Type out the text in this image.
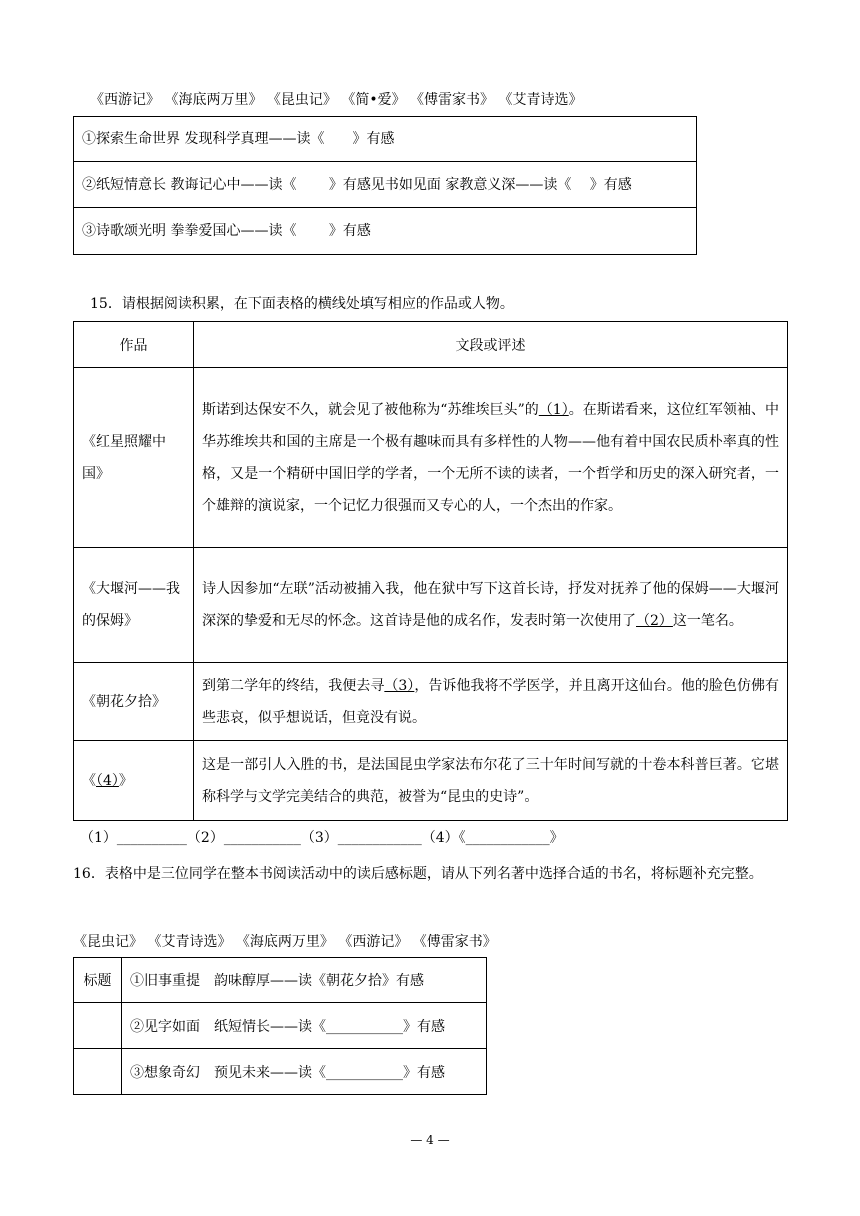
《西游记》 《海底两万里》 《昆虫记》 《简•爱》 《傅雷家书》 《艾青诗选》
①探索生命世界 发现科学真理——读《　　》有感
②纸短情意长 教诲记心中——读《　　 》有感见书如见面 家教意义深——读《　 》有感
③诗歌颂光明 拳拳爱国心——读《　　 》有感
15．请根据阅读积累，在下面表格的横线处填写相应的作品或人物。
作品	文段或评述
《红星照耀中国》	斯诺到达保安不久，就会见了被他称为“苏维埃巨头”的（1）。在斯诺看来，这位红军领袖、中华苏维埃共和国的主席是一个极有趣味而具有多样性的人物——他有着中国农民质朴率真的性格，又是一个精研中国旧学的学者，一个无所不读的读者，一个哲学和历史的深入研究者，一个雄辩的演说家，一个记忆力很强而又专心的人，一个杰出的作家。
《大堰河——我的保姆》	诗人因参加“左联”活动被捕入我，他在狱中写下这首长诗，抒发对抚养了他的保姆——大堰河深深的挚爱和无尽的怀念。这首诗是他的成名作，发表时第一次使用了（2）这一笔名。
《朝花夕拾》	到第二学年的终结，我便去寻（3），告诉他我将不学医学，并且离开这仙台。他的脸色仿佛有些悲哀，似乎想说话，但竟没有说。
《（4）》	这是一部引人入胜的书，是法国昆虫学家法布尔花了三十年时间写就的十卷本科普巨著。它堪称科学与文学完美结合的典范，被誉为“昆虫的史诗”。
（1）__________（2）___________（3）____________（4）《____________》
16．表格中是三位同学在整本书阅读活动中的读后感标题，请从下列名著中选择合适的书名，将标题补充完整。
《昆虫记》 《艾青诗选》 《海底两万里》 《西游记》 《傅雷家书》
标题	①旧事重提　韵味醇厚——读《朝花夕拾》有感
	②见字如面　纸短情长——读《___________》有感
	③想象奇幻　预见未来——读《___________》有感
— 4 —
